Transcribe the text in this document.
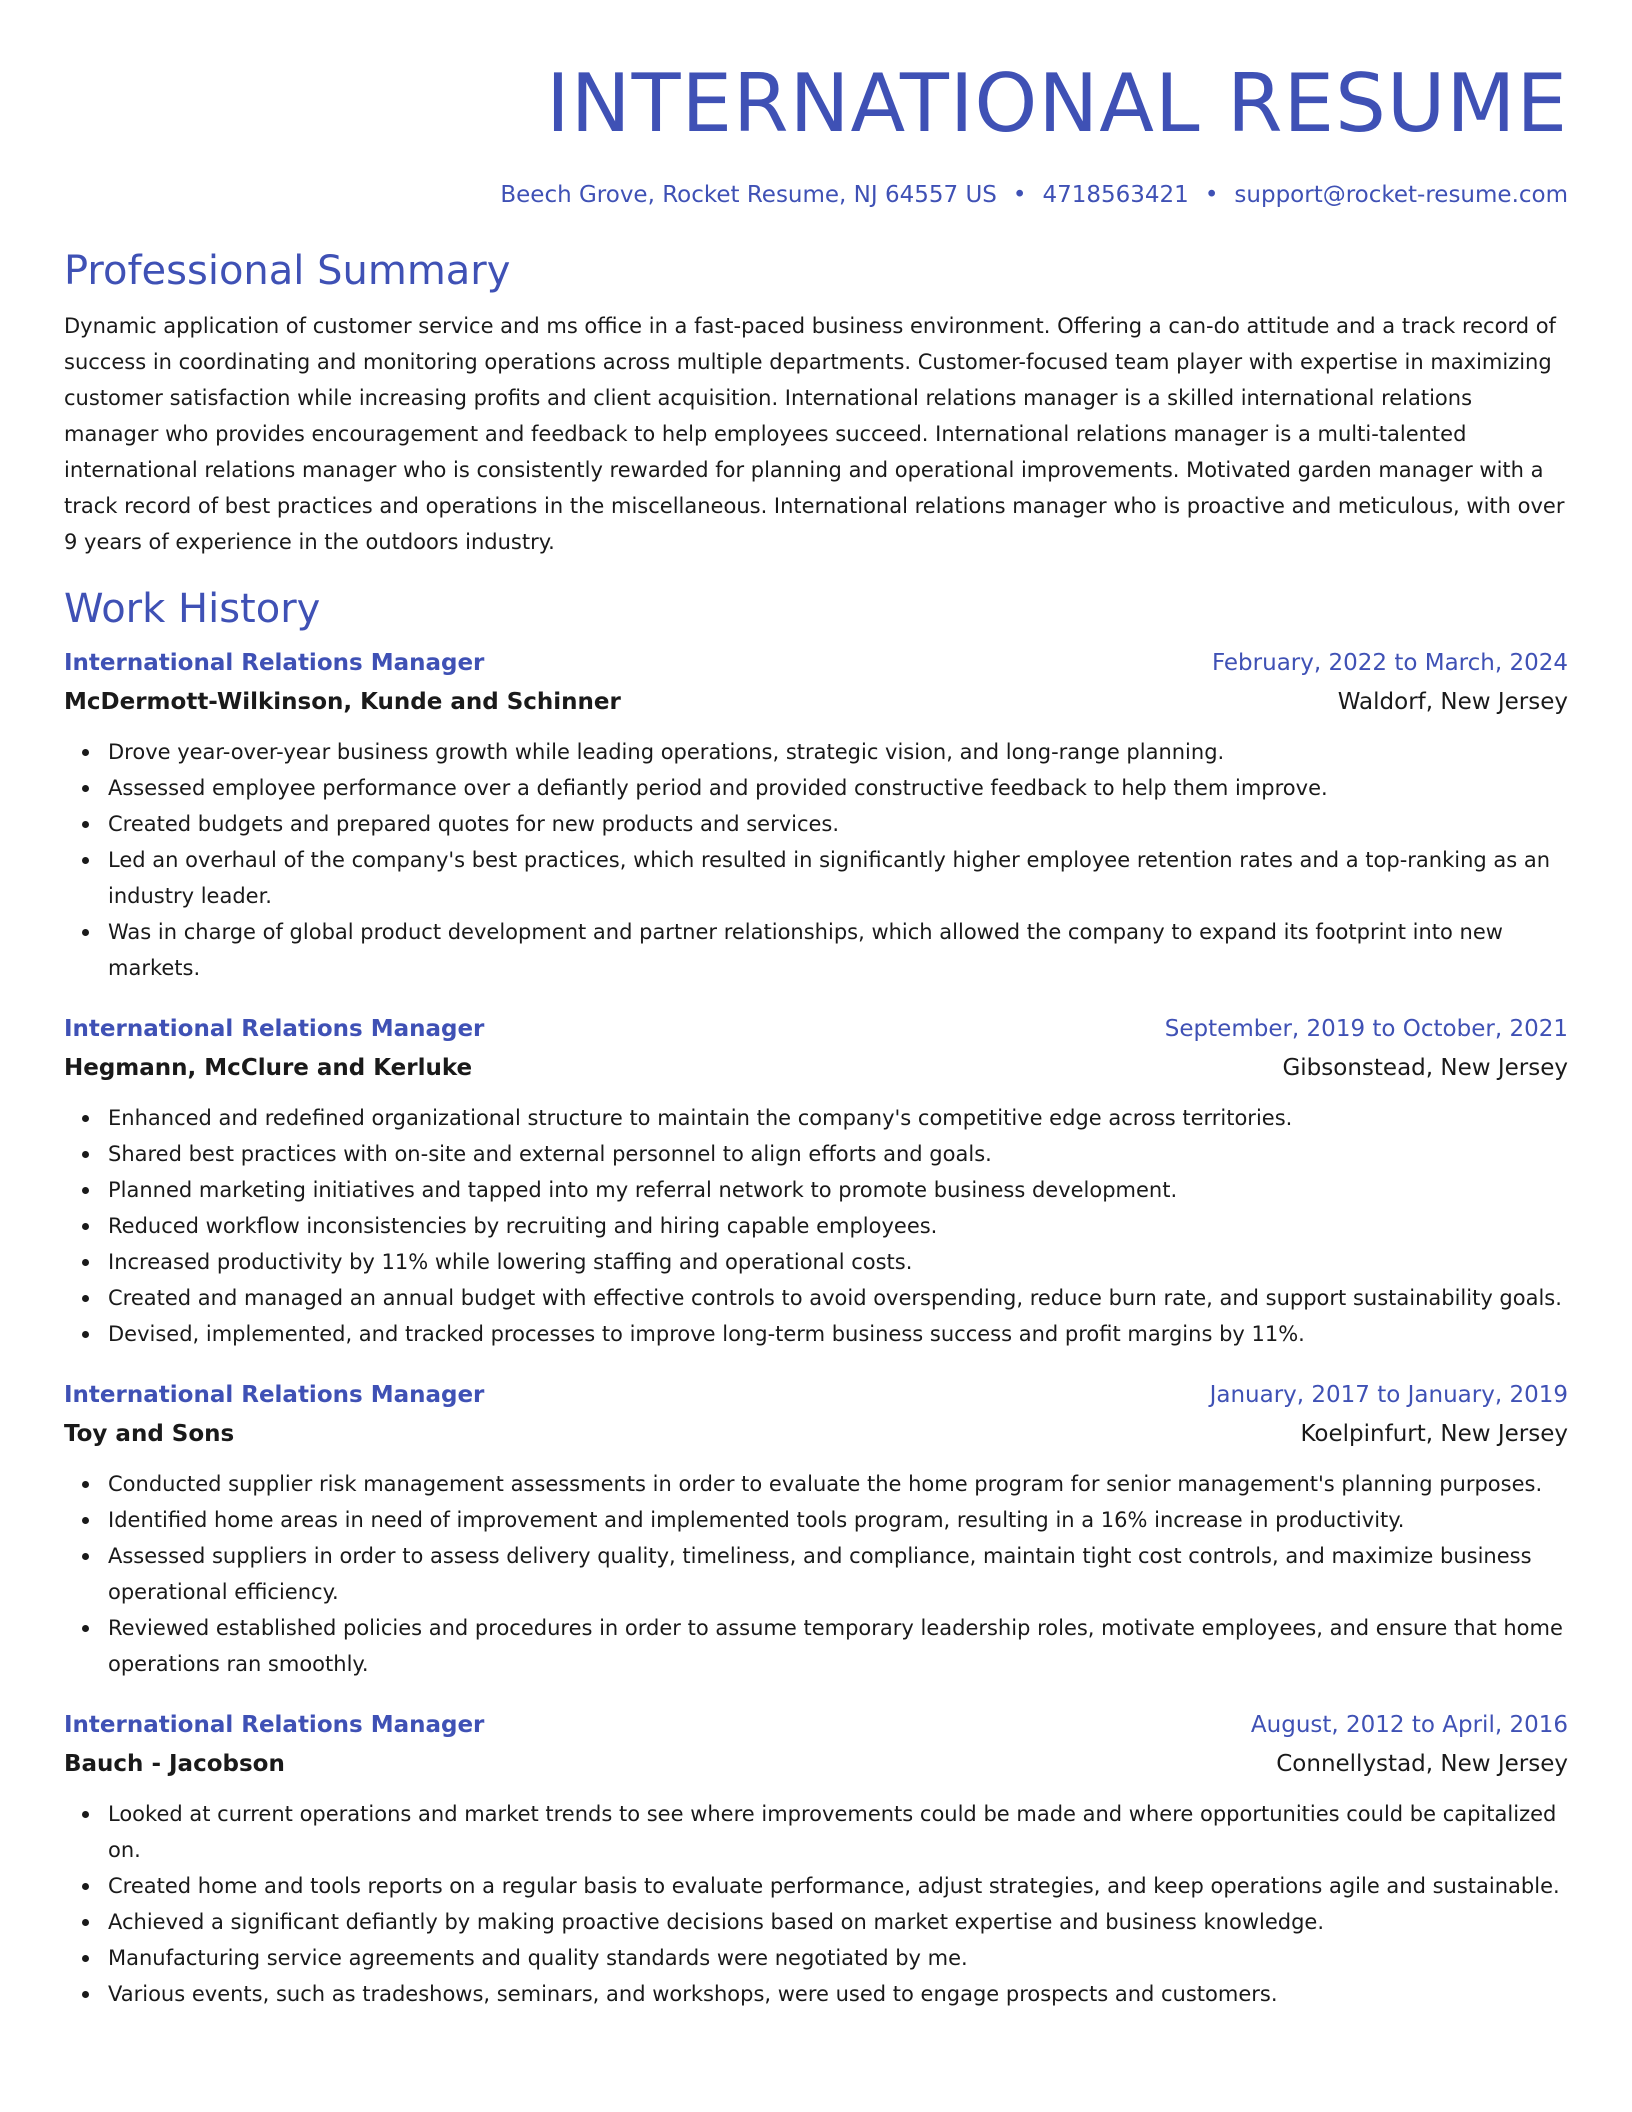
INTERNATIONAL RESUME
Beech Grove, Rocket Resume, NJ 64557 US • 4718563421 • support@rocket-resume.com
Professional Summary

Dynamic application of customer service and ms office in a fast-paced business environment. Offering a can-do attitude and a track record of success in coordinating and monitoring operations across multiple departments. Customer-focused team player with expertise in maximizing customer satisfaction while increasing profits and client acquisition. International relations manager is a skilled international relations manager who provides encouragement and feedback to help employees succeed. International relations manager is a multi-talented international relations manager who is consistently rewarded for planning and operational improvements. Motivated garden manager with a track record of best practices and operations in the miscellaneous. International relations manager who is proactive and meticulous, with over 9 years of experience in the outdoors industry.

Work History
International Relations Manager	February, 2022 to March, 2024
McDermott-Wilkinson, Kunde and Schinner	Waldorf, New Jersey
Drove year-over-year business growth while leading operations, strategic vision, and long-range planning.
Assessed employee performance over a defiantly period and provided constructive feedback to help them improve.
Created budgets and prepared quotes for new products and services.
Led an overhaul of the company's best practices, which resulted in significantly higher employee retention rates and a top-ranking as an industry leader.
Was in charge of global product development and partner relationships, which allowed the company to expand its footprint into new markets.
International Relations Manager	September, 2019 to October, 2021
Hegmann, McClure and Kerluke	Gibsonstead, New Jersey
Enhanced and redefined organizational structure to maintain the company's competitive edge across territories.
Shared best practices with on-site and external personnel to align efforts and goals.
Planned marketing initiatives and tapped into my referral network to promote business development.
Reduced workflow inconsistencies by recruiting and hiring capable employees.
Increased productivity by 11% while lowering staffing and operational costs.
Created and managed an annual budget with effective controls to avoid overspending, reduce burn rate, and support sustainability goals.
Devised, implemented, and tracked processes to improve long-term business success and profit margins by 11%.
International Relations Manager	January, 2017 to January, 2019
Toy and Sons	Koelpinfurt, New Jersey
Conducted supplier risk management assessments in order to evaluate the home program for senior management's planning purposes.
Identified home areas in need of improvement and implemented tools program, resulting in a 16% increase in productivity.
Assessed suppliers in order to assess delivery quality, timeliness, and compliance, maintain tight cost controls, and maximize business operational efficiency.
Reviewed established policies and procedures in order to assume temporary leadership roles, motivate employees, and ensure that home operations ran smoothly.
International Relations Manager	August, 2012 to April, 2016
Bauch - Jacobson	Connellystad, New Jersey
Looked at current operations and market trends to see where improvements could be made and where opportunities could be capitalized on.
Created home and tools reports on a regular basis to evaluate performance, adjust strategies, and keep operations agile and sustainable.
Achieved a significant defiantly by making proactive decisions based on market expertise and business knowledge.
Manufacturing service agreements and quality standards were negotiated by me.
Various events, such as tradeshows, seminars, and workshops, were used to engage prospects and customers.
